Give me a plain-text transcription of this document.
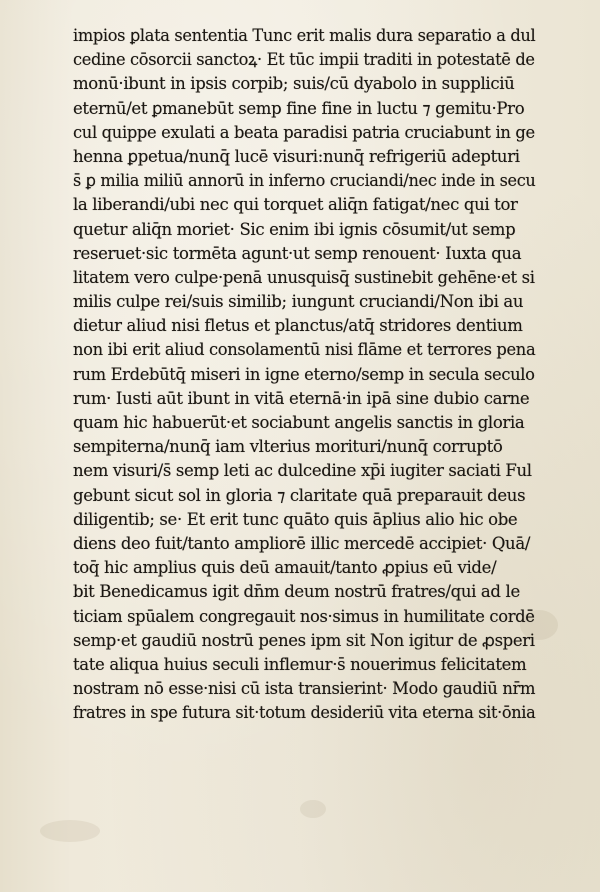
impios ꝑlata sententia Tunc erit malis dura separatio a dul
cedine cōsorcii sanctoꝝ· Et tūc impii traditi in potestatē de
monū·ibunt in ipsis corpib; suis/cū dyabolo in suppliciū
eternū/et ꝑmanebūt semp fine fine in luctu ⁊ gemitu·Pro
cul quippe exulati a beata paradisi patria cruciabunt in ge
henna ꝑpetua/nunq̄ lucē visuri:nunq̄ refrigeriū adepturi
s̄ ꝑ milia miliū annorū in inferno cruciandi/nec inde in secu
la liberandi/ubi nec qui torquet aliq̄n fatigat/nec qui tor
quetur aliq̄n moriet· Sic enim ibi ignis cōsumit/ut semp
reseruet·sic tormēta agunt·ut semp renouent· Iuxta qua
litatem vero culpe·penā unusquisq̄ sustinebit gehēne·et si
milis culpe rei/suis similib; iungunt cruciandi/Non ibi au
dietur aliud nisi fletus et planctus/atq̄ stridores dentium
non ibi erit aliud consolamentū nisi flāme et terrores pena
rum Erdebūtq̄ miseri in igne eterno/semp in secula seculo
rum· Iusti aūt ibunt in vitā eternā·in ipā sine dubio carne
quam hic habuerūt·et sociabunt angelis sanctis in gloria
sempiterna/nunq̄ iam vlterius morituri/nunq̄ corruptō
nem visuri/s̄ semp leti ac dulcedine xp̄i iugiter saciati Ful
gebunt sicut sol in gloria ⁊ claritate quā preparauit deus
diligentib; se· Et erit tunc quāto quis āplius alio hic obe
diens deo fuit/tanto ampliorē illic mercedē accipiet· Quā/
toq̄ hic amplius quis deū amauit/tanto ꝓpius eū vide/
bit Benedicamus igit dn̄m deum nostrū fratres/qui ad le
ticiam spūalem congregauit nos·simus in humilitate cordē
semp·et gaudiū nostrū penes ipm sit Non igitur de ꝓsperi
tate aliqua huius seculi inflemur·s̄ nouerimus felicitatem
nostram nō esse·nisi cū ista transierint· Modo gaudiū nr̄m
fratres in spe futura sit·totum desideriū vita eterna sit·ōnia
